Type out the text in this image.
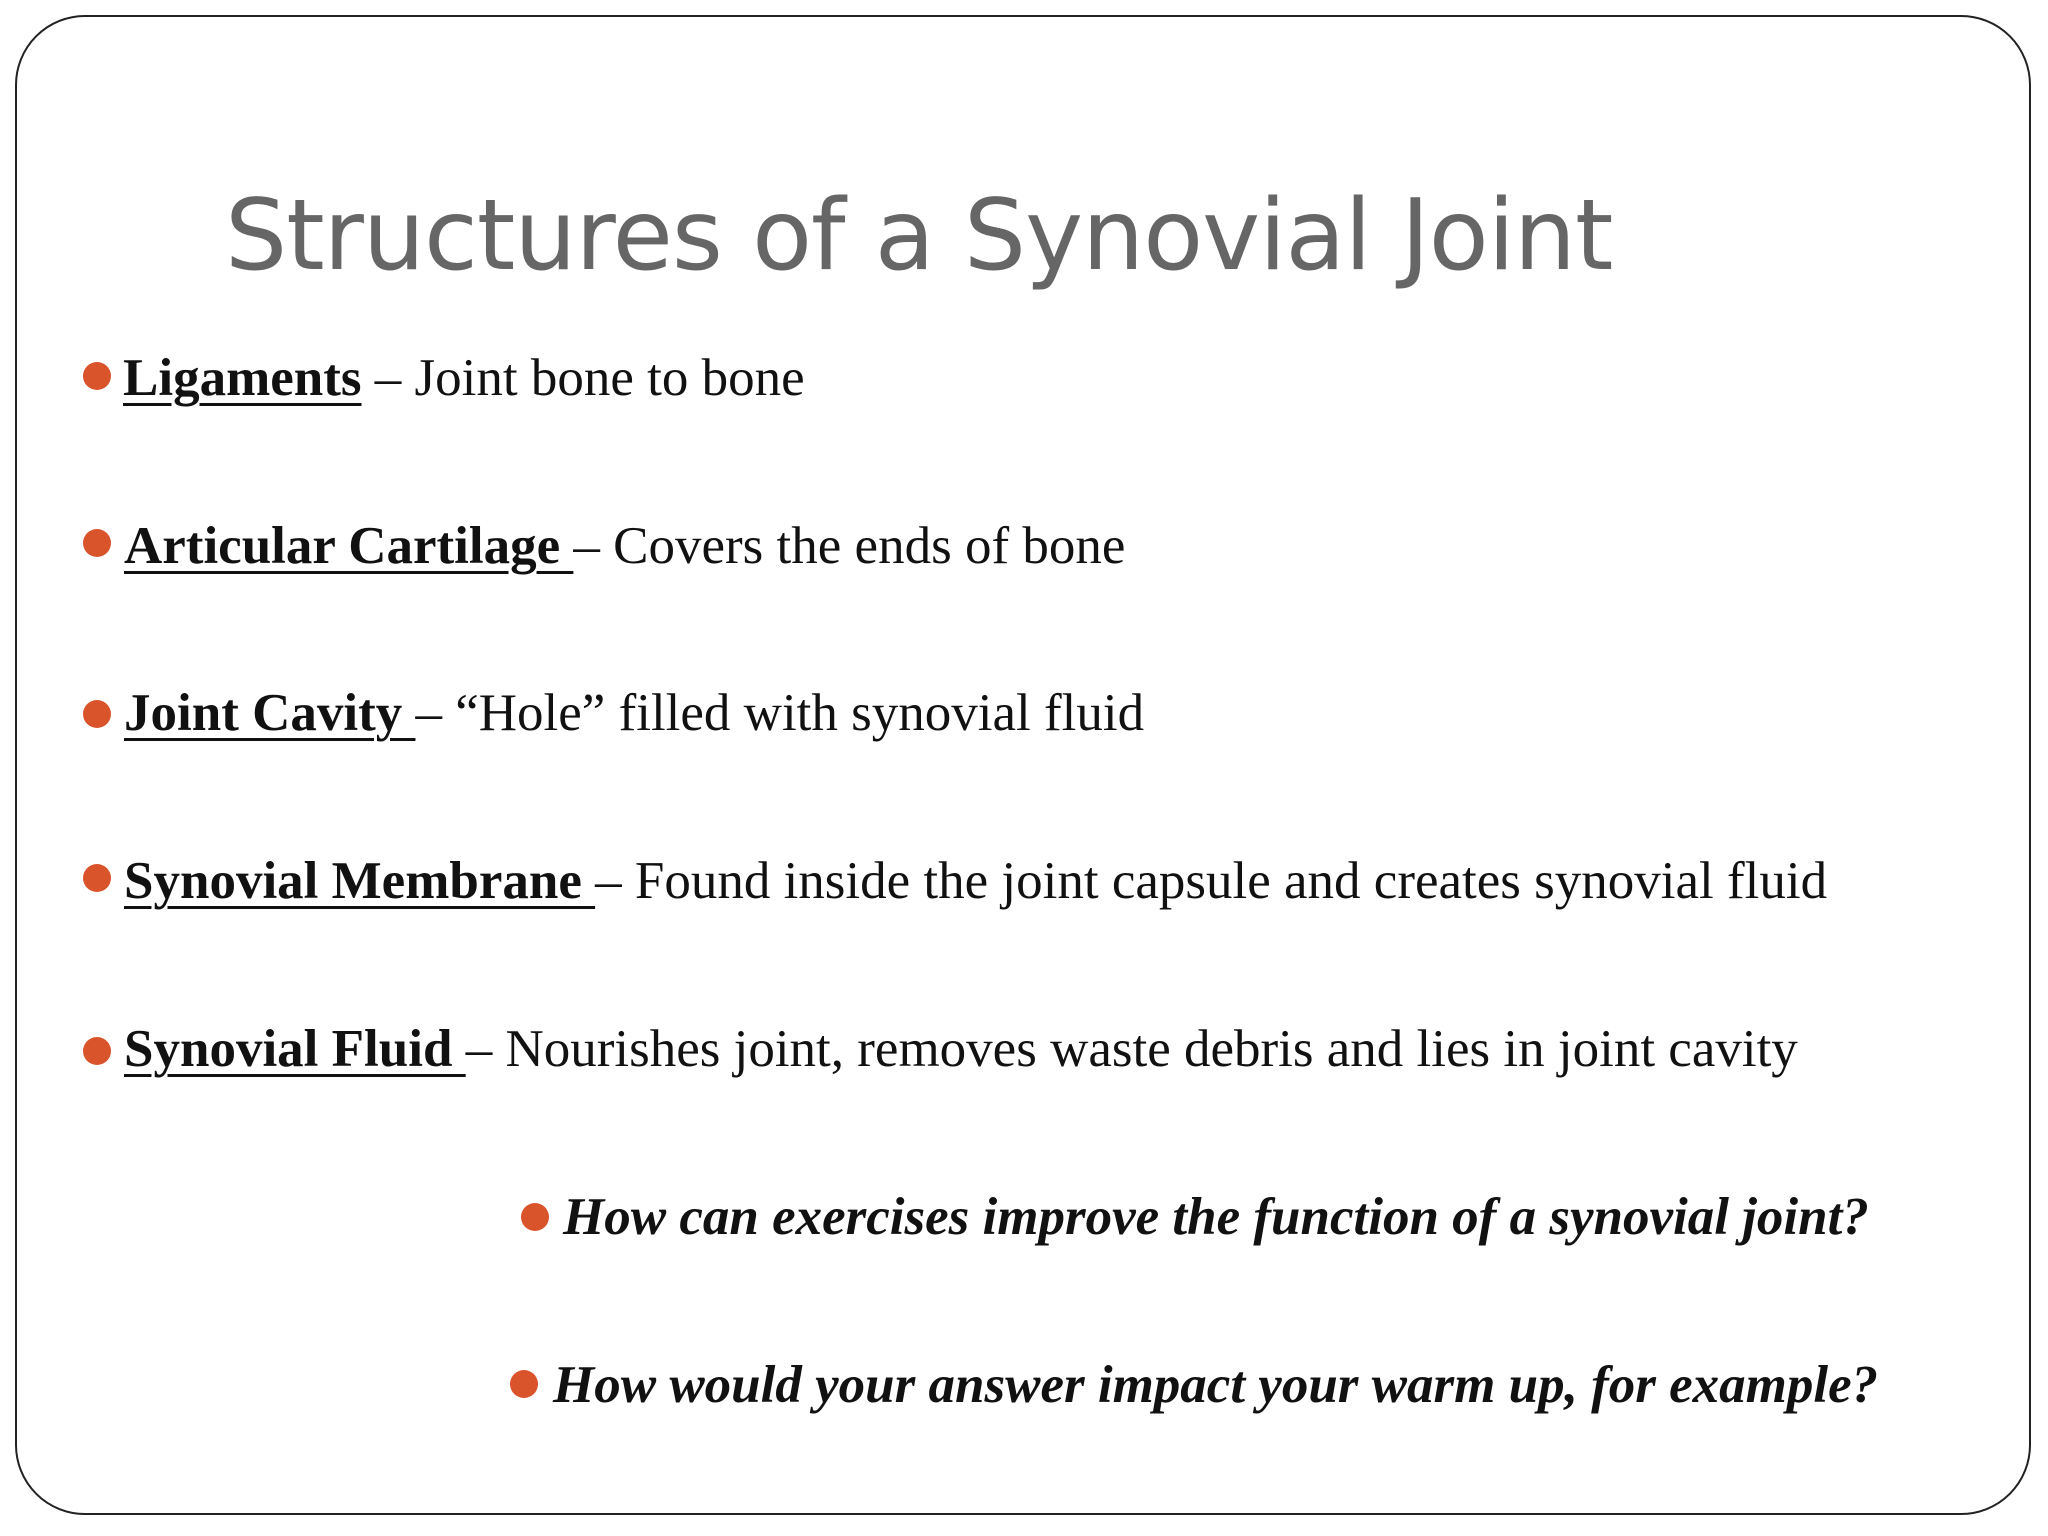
Structures of a Synovial Joint
Ligaments – Joint bone to bone
Articular Cartilage – Covers the ends of bone
Joint Cavity – “Hole” filled with synovial fluid
Synovial Membrane – Found inside the joint capsule and creates synovial fluid
Synovial Fluid – Nourishes joint, removes waste debris and lies in joint cavity
How can exercises improve the function of a synovial joint?
How would your answer impact your warm up, for example?
